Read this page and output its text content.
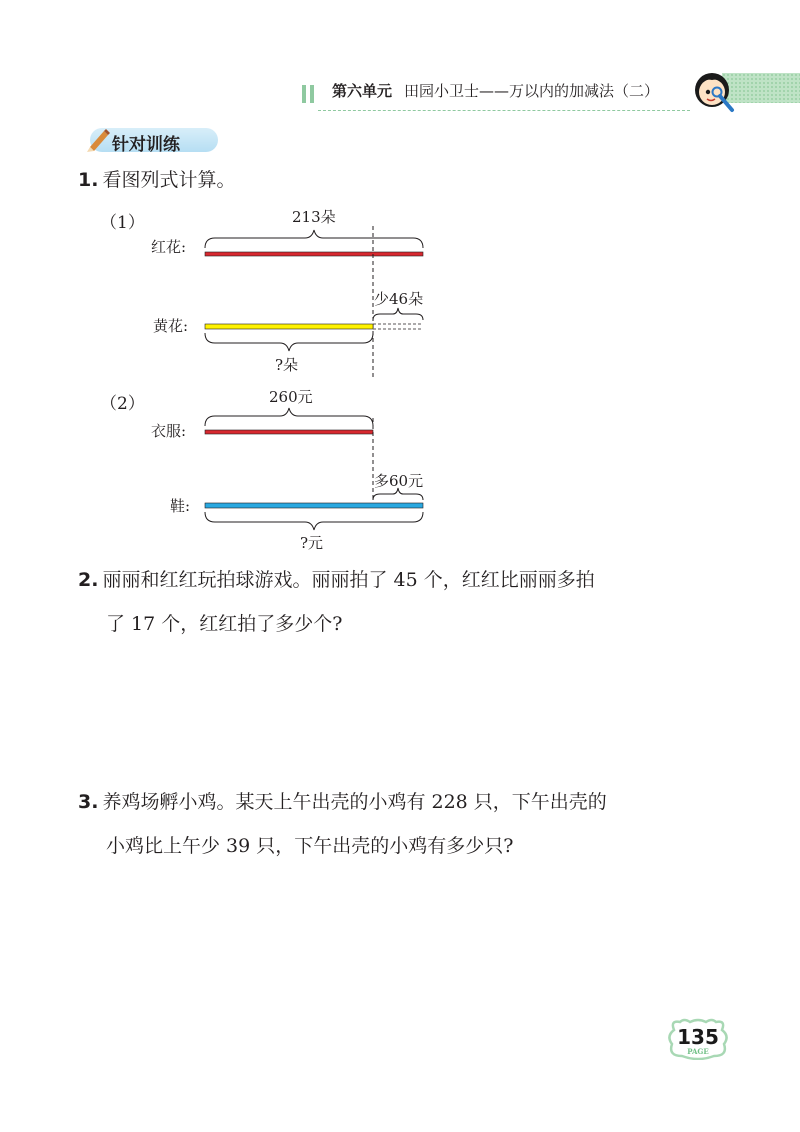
第六单元 田园小卫士——万以内的加减法（二）
针对训练
1. 看图列式计算。
（1）
红花:
213朵
黄花:
少46朵
?朵
（2）	260元
衣服:
多60元
鞋:
?元
2. 丽丽和红红玩拍球游戏。丽丽拍了 45 个，红红比丽丽多拍
了 17 个，红红拍了多少个?
3. 养鸡场孵小鸡。某天上午出壳的小鸡有 228 只，下午出壳的
小鸡比上午少 39 只，下午出壳的小鸡有多少只?
135
PAGE
